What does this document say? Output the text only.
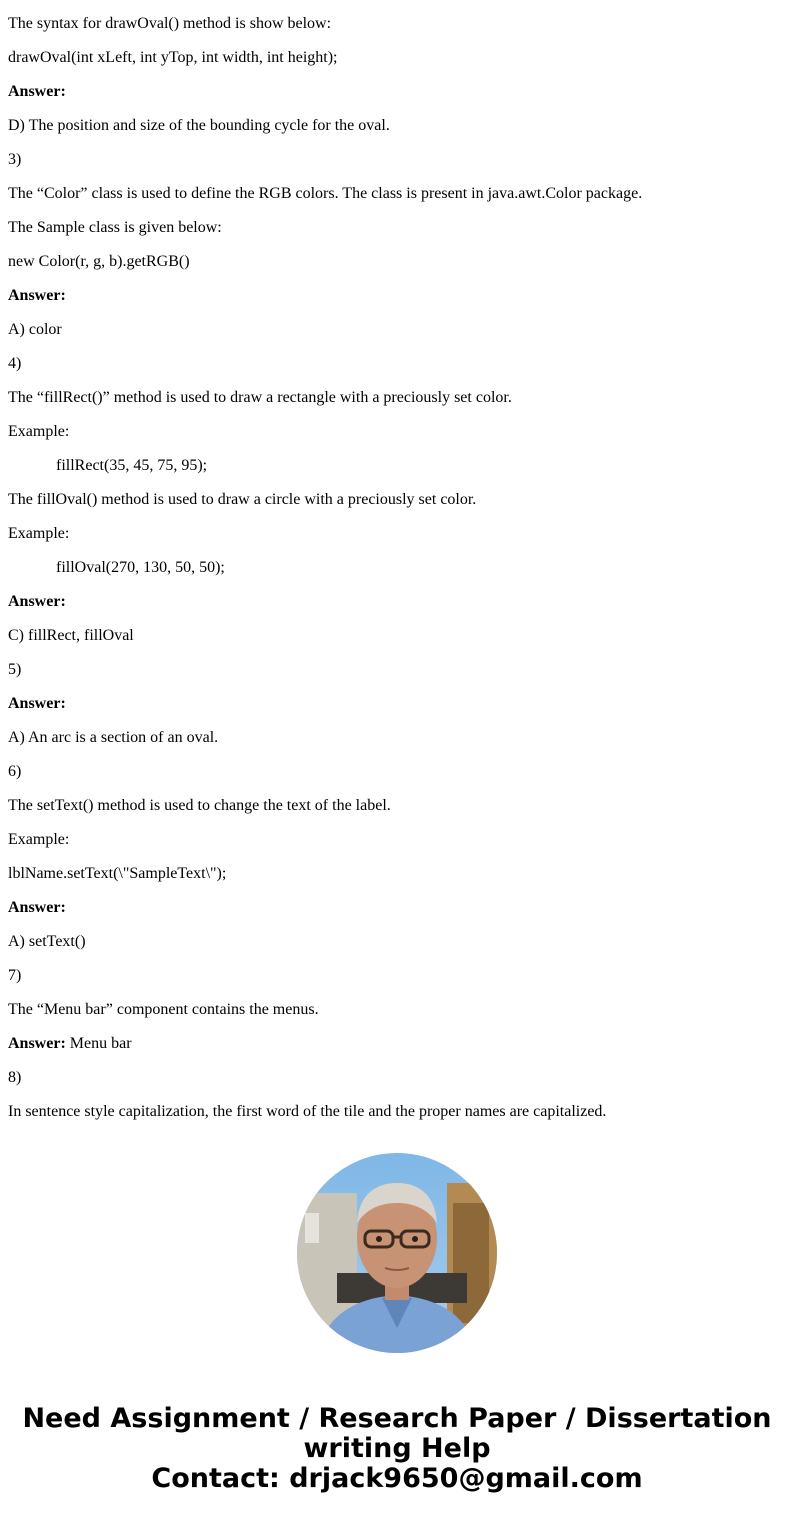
The syntax for drawOval() method is show below:
drawOval(int xLeft, int yTop, int width, int height);
Answer:
D) The position and size of the bounding cycle for the oval.
3)
The “Color” class is used to define the RGB colors. The class is present in java.awt.Color package.
The Sample class is given below:
new Color(r, g, b).getRGB()
Answer:
A) color
4)
The “fillRect()” method is used to draw a rectangle with a preciously set color.
Example:
fillRect(35, 45, 75, 95);
The fillOval() method is used to draw a circle with a preciously set color.
Example:
fillOval(270, 130, 50, 50);
Answer:
C) fillRect, fillOval
5)
Answer:
A) An arc is a section of an oval.
6)
The setText() method is used to change the text of the label.
Example:
lblName.setText(\"SampleText\");
Answer:
A) setText()
7)
The “Menu bar” component contains the menus.
Answer: Menu bar
8)
In sentence style capitalization, the first word of the tile and the proper names are capitalized.
Need Assignment / Research Paper / Dissertation
writing Help
Contact: drjack9650@gmail.com
